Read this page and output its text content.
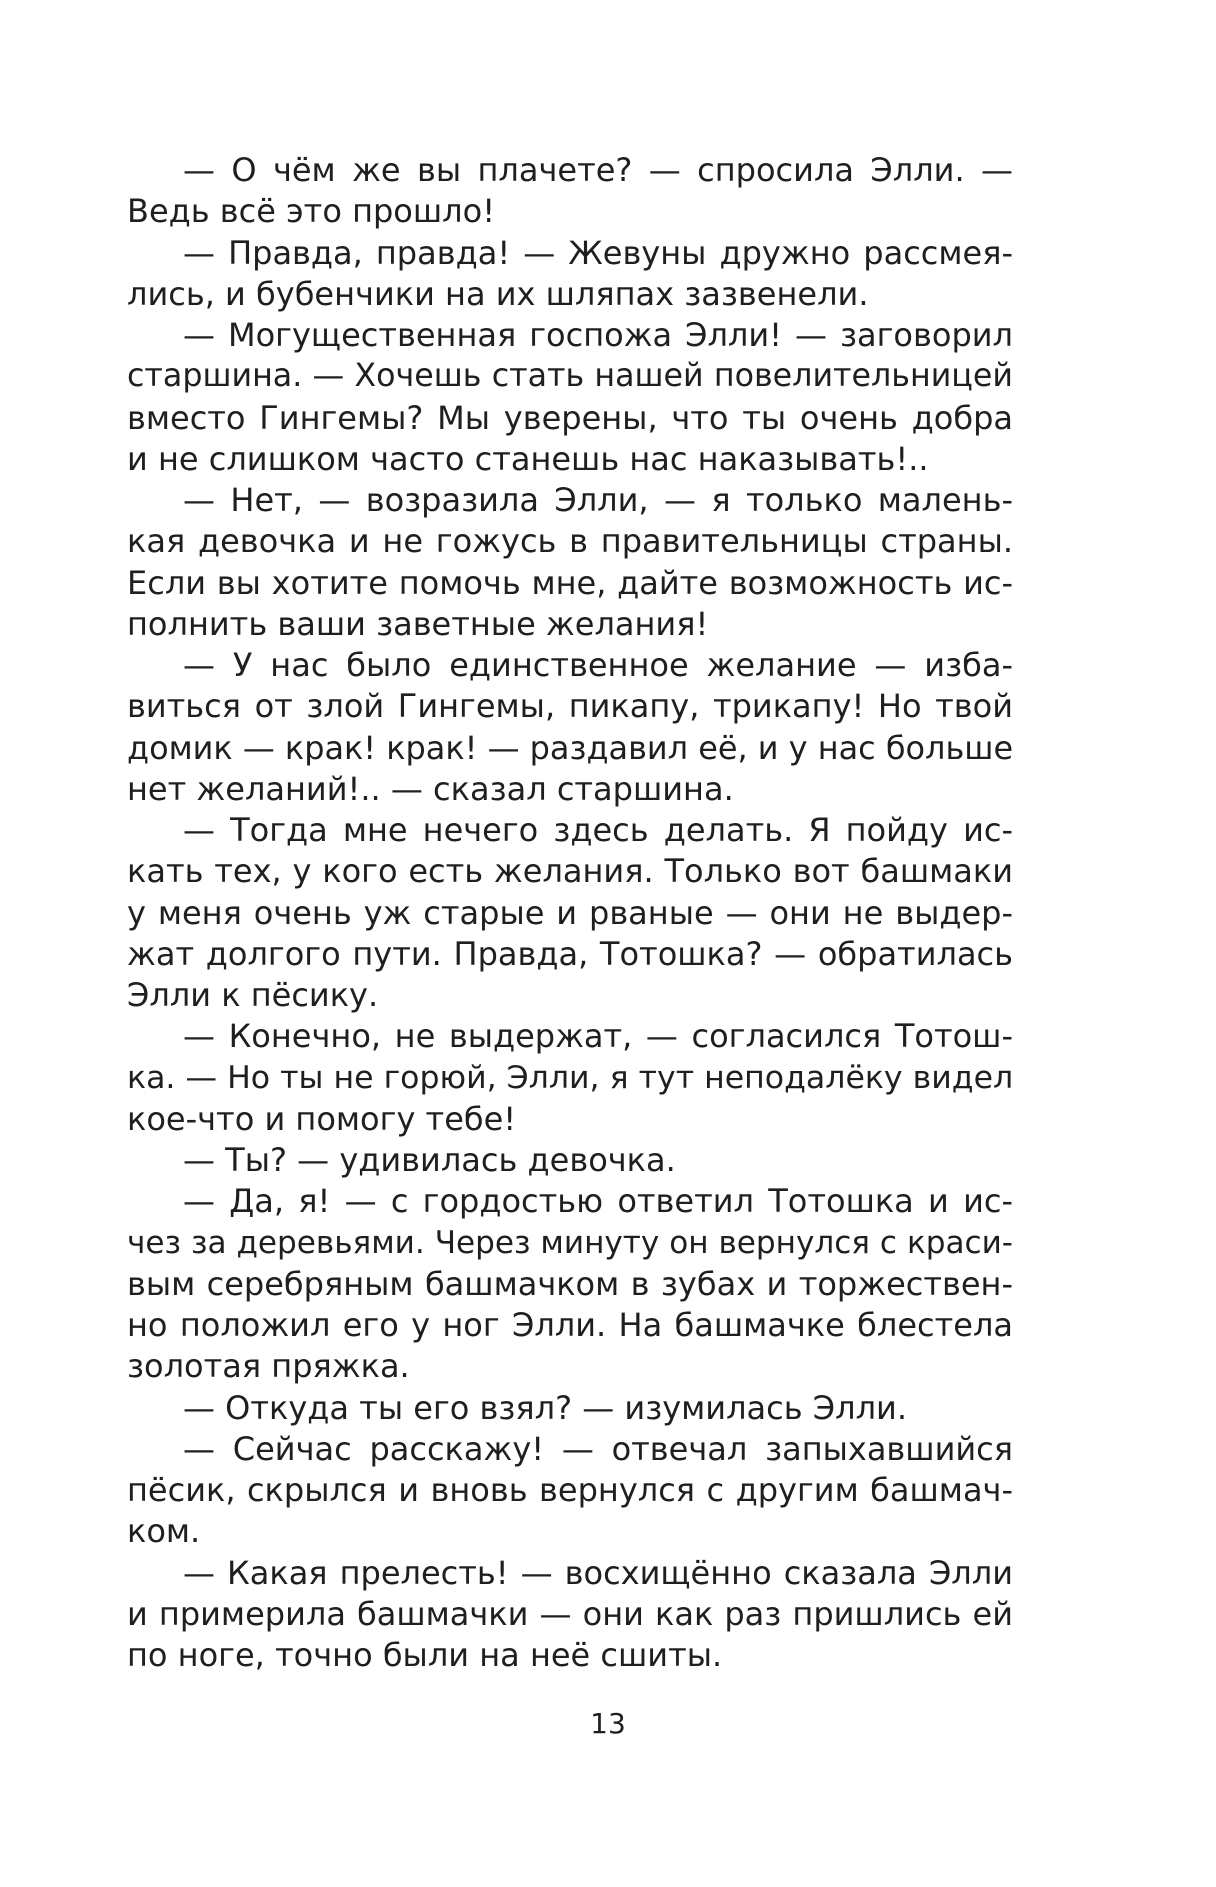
— О чём же вы плачете? — спросила Элли. —
Ведь всё это прошло!
— Правда, правда! — Жевуны дружно рассмея-
лись, и бубенчики на их шляпах зазвенели.
— Могущественная госпожа Элли! — заговорил
старшина. — Хочешь стать нашей повелительницей
вместо Гингемы? Мы уверены, что ты очень добра
и не слишком часто станешь нас наказывать!..
— Нет, — возразила Элли, — я только малень-
кая девочка и не гожусь в правительницы страны.
Если вы хотите помочь мне, дайте возможность ис-
полнить ваши заветные желания!
— У нас было единственное желание — изба-
виться от злой Гингемы, пикапу, трикапу! Но твой
домик — крак! крак! — раздавил её, и у нас больше
нет желаний!.. — сказал старшина.
— Тогда мне нечего здесь делать. Я пойду ис-
кать тех, у кого есть желания. Только вот башмаки
у меня очень уж старые и рваные — они не выдер-
жат долгого пути. Правда, Тотошка? — обратилась
Элли к пёсику.
— Конечно, не выдержат, — согласился Тотош-
ка. — Но ты не горюй, Элли, я тут неподалёку видел
кое-что и помогу тебе!
— Ты? — удивилась девочка.
— Да, я! — с гордостью ответил Тотошка и ис-
чез за деревьями. Через минуту он вернулся с краси-
вым серебряным башмачком в зубах и торжествен-
но положил его у ног Элли. На башмачке блестела
золотая пряжка.
— Откуда ты его взял? — изумилась Элли.
— Сейчас расскажу! — отвечал запыхавшийся
пёсик, скрылся и вновь вернулся с другим башмач-
ком.
— Какая прелесть! — восхищённо сказала Элли
и примерила башмачки — они как раз пришлись ей
по ноге, точно были на неё сшиты.
13
